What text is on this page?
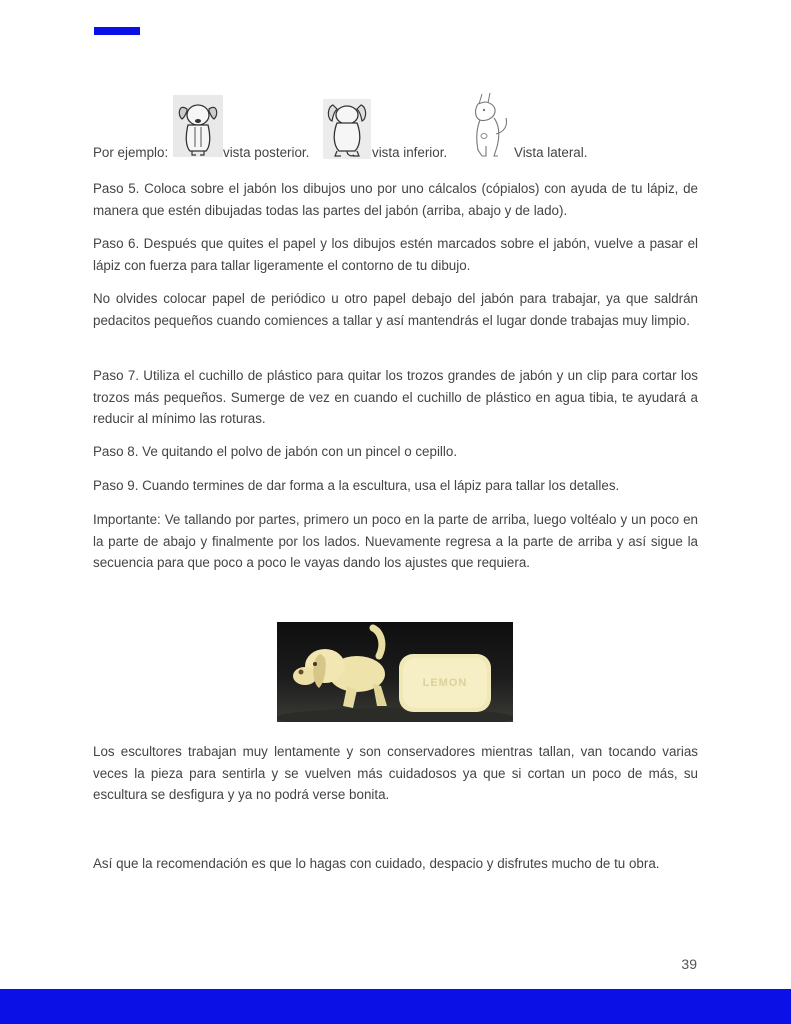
Por ejemplo:	vista posterior.	vista inferior.	Vista lateral.

Paso 5. Coloca sobre el jabón los dibujos uno por uno cálcalos (cópialos) con ayuda de tu lápiz, de manera que estén dibujadas todas las partes del jabón (arriba, abajo y de lado).

Paso 6. Después que quites el papel y los dibujos estén marcados sobre el jabón, vuelve a pasar el lápiz con fuerza para tallar ligeramente el contorno de tu dibujo.

No olvides colocar papel de periódico u otro papel debajo del jabón para trabajar, ya que saldrán pedacitos pequeños cuando comiences a tallar y así mantendrás el lugar donde trabajas muy limpio.

Paso 7. Utiliza el cuchillo de plástico para quitar los trozos grandes de jabón y un clip para cortar los trozos más pequeños. Sumerge de vez en cuando el cuchillo de plástico en agua tibia, te ayudará a reducir al mínimo las roturas.

Paso 8. Ve quitando el polvo de jabón con un pincel o cepillo.

Paso 9. Cuando termines de dar forma a la escultura, usa el lápiz para tallar los detalles.

Importante: Ve tallando por partes, primero un poco en la parte de arriba, luego voltéalo y un poco en la parte de abajo y finalmente por los lados. Nuevamente regresa a la parte de arriba y así sigue la secuencia para que poco a poco le vayas dando los ajustes que requiera.

LEMON

Los escultores trabajan muy lentamente y son conservadores mientras tallan, van tocando varias veces la pieza para sentirla y se vuelven más cuidadosos ya que si cortan un poco de más, su escultura se desfigura y ya no podrá verse bonita.

Así que la recomendación es que lo hagas con cuidado, despacio y disfrutes mucho de tu obra.

39
